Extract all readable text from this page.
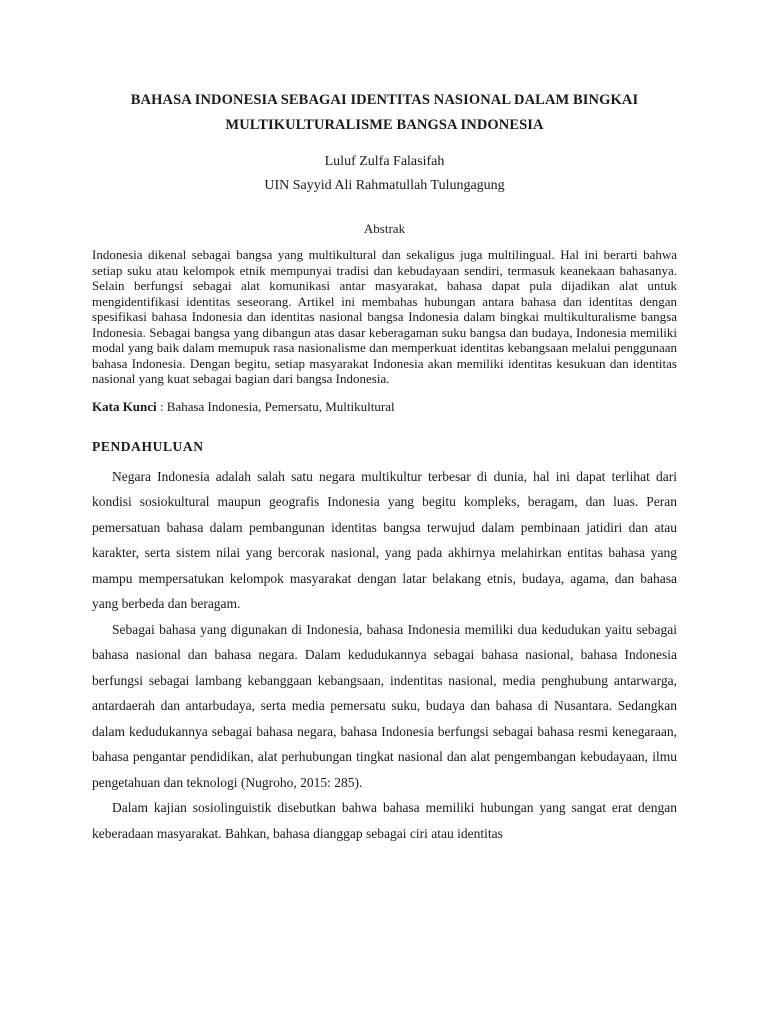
BAHASA INDONESIA SEBAGAI IDENTITAS NASIONAL DALAM BINGKAI
MULTIKULTURALISME BANGSA INDONESIA
Luluf Zulfa Falasifah
UIN Sayyid Ali Rahmatullah Tulungagung
Abstrak
Indonesia dikenal sebagai bangsa yang multikultural dan sekaligus juga multilingual. Hal ini berarti bahwa setiap suku atau kelompok etnik mempunyai tradisi dan kebudayaan sendiri, termasuk keanekaan bahasanya. Selain berfungsi sebagai alat komunikasi antar masyarakat, bahasa dapat pula dijadikan alat untuk mengidentifikasi identitas seseorang. Artikel ini membahas hubungan antara bahasa dan identitas dengan spesifikasi bahasa Indonesia dan identitas nasional bangsa Indonesia dalam bingkai multikulturalisme bangsa Indonesia. Sebagai bangsa yang dibangun atas dasar keberagaman suku bangsa dan budaya, Indonesia memiliki modal yang baik dalam memupuk rasa nasionalisme dan memperkuat identitas kebangsaan melalui penggunaan bahasa Indonesia. Dengan begitu, setiap masyarakat Indonesia akan memiliki identitas kesukuan dan identitas nasional yang kuat sebagai bagian dari bangsa Indonesia.
Kata Kunci : Bahasa Indonesia, Pemersatu, Multikultural
PENDAHULUAN

Negara Indonesia adalah salah satu negara multikultur terbesar di dunia, hal ini dapat terlihat dari kondisi sosiokultural maupun geografis Indonesia yang begitu kompleks, beragam, dan luas. Peran pemersatuan bahasa dalam pembangunan identitas bangsa terwujud dalam pembinaan jatidiri dan atau karakter, serta sistem nilai yang bercorak nasional, yang pada akhirnya melahirkan entitas bahasa yang mampu mempersatukan kelompok masyarakat dengan latar belakang etnis, budaya, agama, dan bahasa yang berbeda dan beragam.

Sebagai bahasa yang digunakan di Indonesia, bahasa Indonesia memiliki dua kedudukan yaitu sebagai bahasa nasional dan bahasa negara. Dalam kedudukannya sebagai bahasa nasional, bahasa Indonesia berfungsi sebagai lambang kebanggaan kebangsaan, indentitas nasional, media penghubung antarwarga, antardaerah dan antarbudaya, serta media pemersatu suku, budaya dan bahasa di Nusantara. Sedangkan dalam kedudukannya sebagai bahasa negara, bahasa Indonesia berfungsi sebagai bahasa resmi kenegaraan, bahasa pengantar pendidikan, alat perhubungan tingkat nasional dan alat pengembangan kebudayaan, ilmu pengetahuan dan teknologi (Nugroho, 2015: 285).

Dalam kajian sosiolinguistik disebutkan bahwa bahasa memiliki hubungan yang sangat erat dengan keberadaan masyarakat. Bahkan, bahasa dianggap sebagai ciri atau identitas
